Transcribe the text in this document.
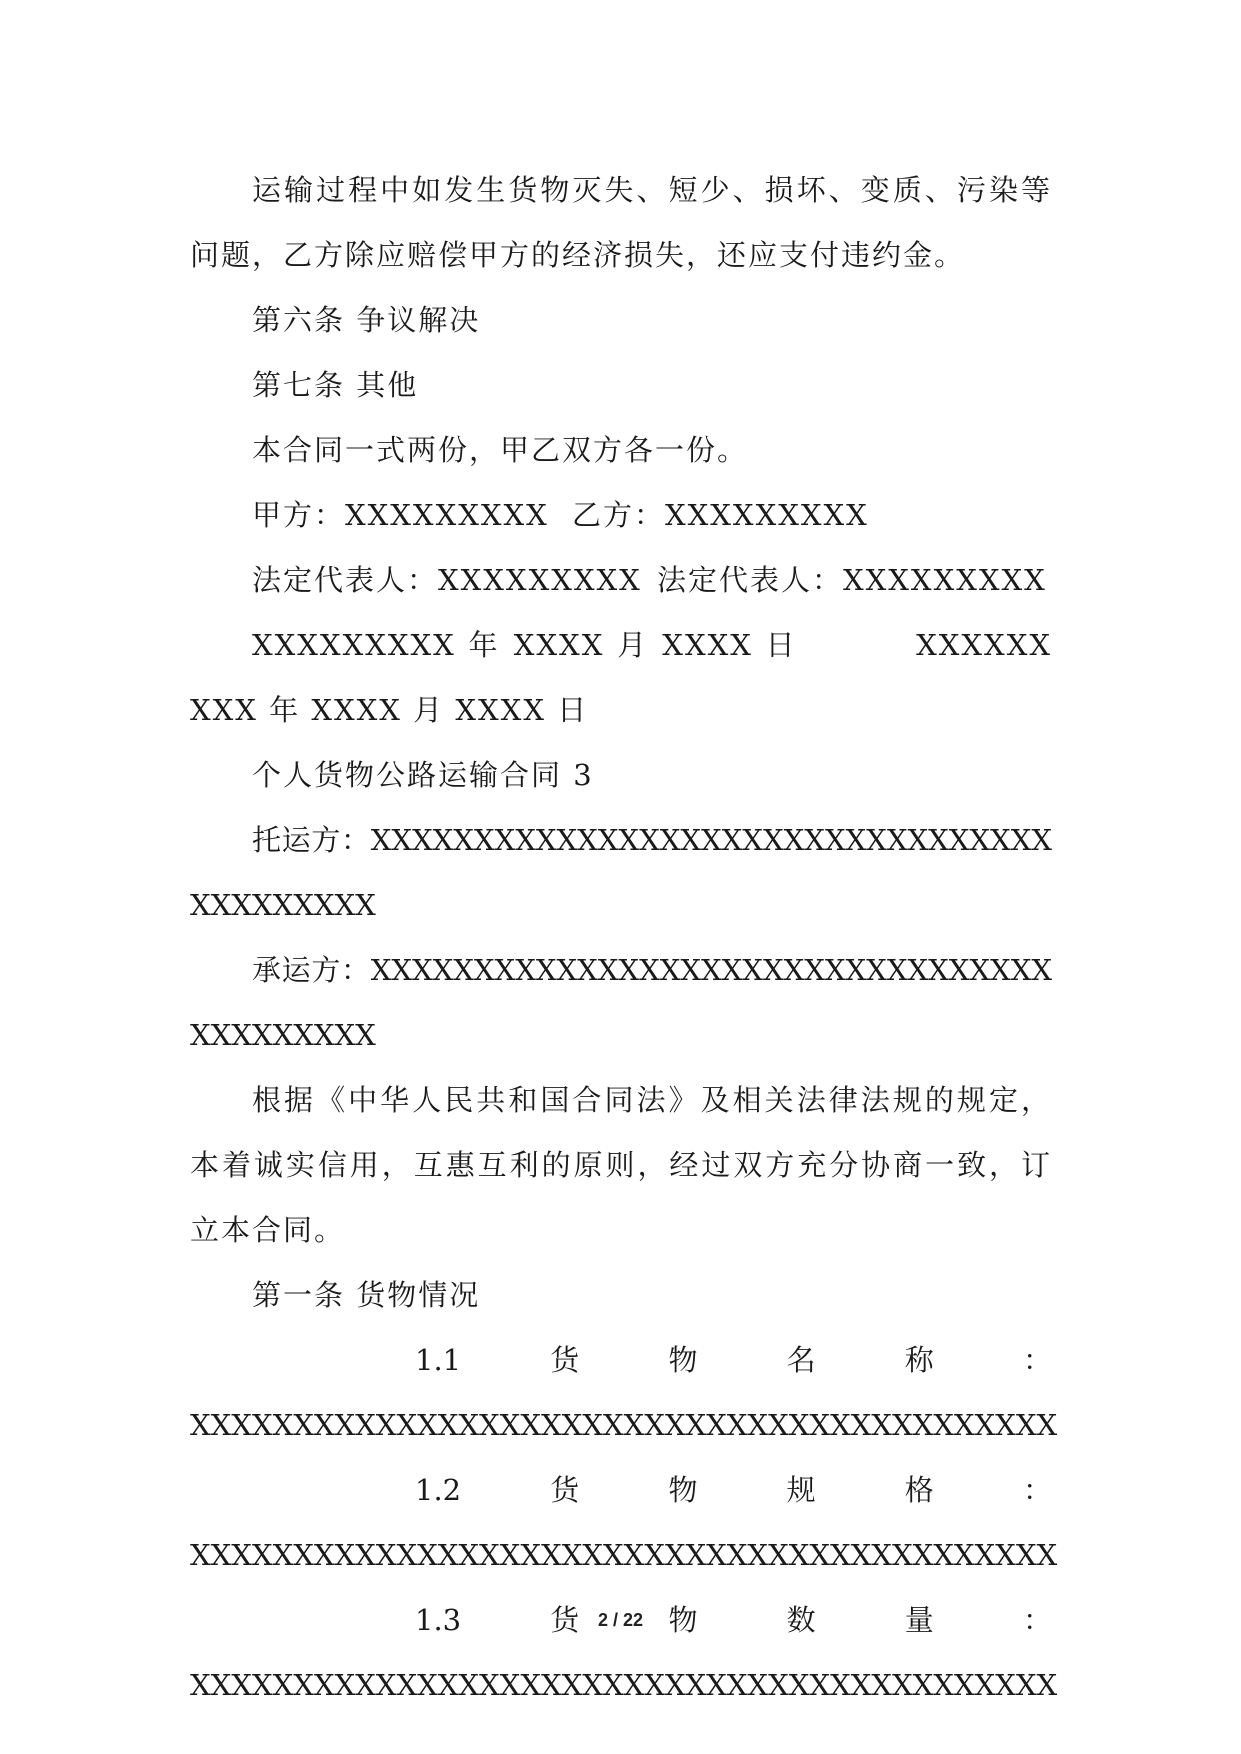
运输过程中如发生货物灭失、短少、损坏、变质、污染等问题，乙方除应赔偿甲方的经济损失，还应支付违约金。

第六条 争议解决

第七条 其他

本合同一式两份，甲乙双方各一份。

甲方：XXXXXXXXX 乙方：XXXXXXXXX
法定代表人：XXXXXXXXX 法定代表人：XXXXXXXXX

XXXXXXXXX 年 XXXX 月 XXXX 日	XXXXXXXXX 年 XXXX 月 XXXX 日

个人货物公路运输合同 3

托运方：XXXXXXXXXXXXXXXXXXXXXXXXXXXXXXXXXXXXXXXXXX

承运方：XXXXXXXXXXXXXXXXXXXXXXXXXXXXXXXXXXXXXXXXXX

根据《中华人民共和国合同法》及相关法律法规的规定，本着诚实信用，互惠互利的原则，经过双方充分协商一致，订立本合同。

第一条 货物情况

1.1	货	物	名	称	：
XXXXXXXXXXXXXXXXXXXXXXXXXXXXXXXXXXXXXXXXXX
1.2	货	物	规	格	：
XXXXXXXXXXXXXXXXXXXXXXXXXXXXXXXXXXXXXXXXXX
1.3	货	物	数	量	：
XXXXXXXXXXXXXXXXXXXXXXXXXXXXXXXXXXXXXXXXXX
2 / 22
